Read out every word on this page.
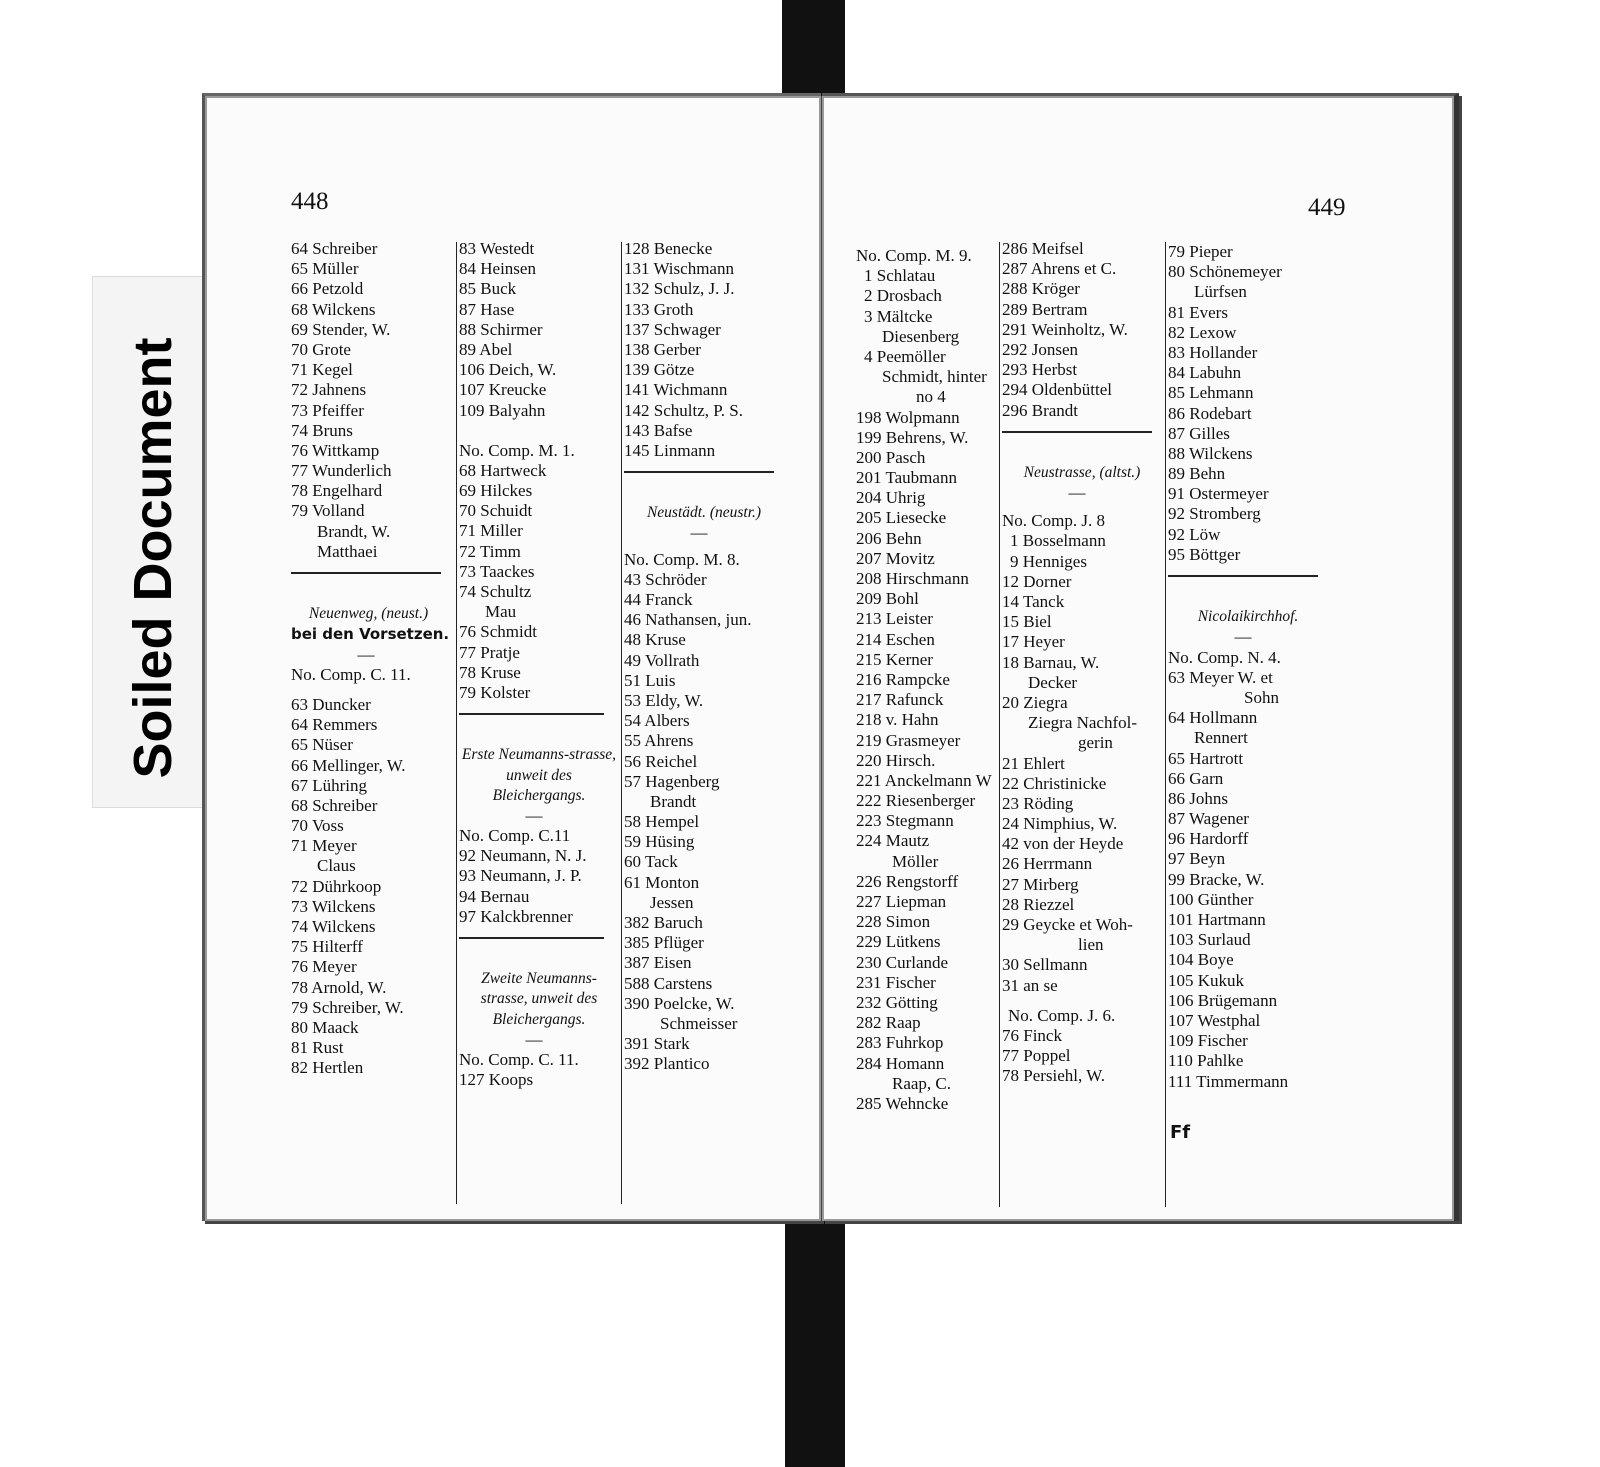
Soiled Document
448
64 Schreiber
65 Müller
66 Petzold
68 Wilckens
69 Stender, W.
70 Grote
71 Kegel
72 Jahnens
73 Pfeiffer
74 Bruns
76 Wittkamp
77 Wunderlich
78 Engelhard
79 Volland
Brandt, W.
Matthaei
Neuenweg, (neust.)
bei den Vorsetzen.
—
No. Comp. C. 11.
63 Duncker
64 Remmers
65 Nüser
66 Mellinger, W.
67 Lühring
68 Schreiber
70 Voss
71 Meyer
Claus
72 Dührkoop
73 Wilckens
74 Wilckens
75 Hilterff
76 Meyer
78 Arnold, W.
79 Schreiber, W.
80 Maack
81 Rust
82 Hertlen
83 Westedt
84 Heinsen
85 Buck
87 Hase
88 Schirmer
89 Abel
106 Deich, W.
107 Kreucke
109 Balyahn
No. Comp. M. 1.
68 Hartweck
69 Hilckes
70 Schuidt
71 Miller
72 Timm
73 Taackes
74 Schultz
Mau
76 Schmidt
77 Pratje
78 Kruse
79 Kolster
Erste Neumanns-strasse, unweit des Bleichergangs.
—
No. Comp. C.11
92 Neumann, N. J.
93 Neumann, J. P.
94 Bernau
97 Kalckbrenner
Zweite Neumanns-strasse, unweit des Bleichergangs.
—
No. Comp. C. 11.
127 Koops
128 Benecke
131 Wischmann
132 Schulz, J. J.
133 Groth
137 Schwager
138 Gerber
139 Götze
141 Wichmann
142 Schultz, P. S.
143 Bafse
145 Linmann
Neustädt. (neustr.)
—
No. Comp. M. 8.
43 Schröder
44 Franck
46 Nathansen, jun.
48 Kruse
49 Vollrath
51 Luis
53 Eldy, W.
54 Albers
55 Ahrens
56 Reichel
57 Hagenberg
Brandt
58 Hempel
59 Hüsing
60 Tack
61 Monton
Jessen
382 Baruch
385 Pflüger
387 Eisen
588 Carstens
390 Poelcke, W.
Schmeisser
391 Stark
392 Plantico
449
No. Comp. M. 9.
1 Schlatau
2 Drosbach
3 Mältcke
Diesenberg
4 Peemöller
Schmidt, hinter
no 4
198 Wolpmann
199 Behrens, W.
200 Pasch
201 Taubmann
204 Uhrig
205 Liesecke
206 Behn
207 Movitz
208 Hirschmann
209 Bohl
213 Leister
214 Eschen
215 Kerner
216 Rampcke
217 Rafunck
218 v. Hahn
219 Grasmeyer
220 Hirsch.
221 Anckelmann W
222 Riesenberger
223 Stegmann
224 Mautz
Möller
226 Rengstorff
227 Liepman
228 Simon
229 Lütkens
230 Curlande
231 Fischer
232 Götting
282 Raap
283 Fuhrkop
284 Homann
Raap, C.
285 Wehncke
286 Meifsel
287 Ahrens et C.
288 Kröger
289 Bertram
291 Weinholtz, W.
292 Jonsen
293 Herbst
294 Oldenbüttel
296 Brandt
Neustrasse, (altst.)
—
No. Comp. J. 8
1 Bosselmann
9 Henniges
12 Dorner
14 Tanck
15 Biel
17 Heyer
18 Barnau, W.
Decker
20 Ziegra
Ziegra Nachfol-
gerin
21 Ehlert
22 Christinicke
23 Röding
24 Nimphius, W.
42 von der Heyde
26 Herrmann
27 Mirberg
28 Riezzel
29 Geycke et Woh-
lien
30 Sellmann
31 an se
No. Comp. J. 6.
76 Finck
77 Poppel
78 Persiehl, W.
79 Pieper
80 Schönemeyer
Lürfsen
81 Evers
82 Lexow
83 Hollander
84 Labuhn
85 Lehmann
86 Rodebart
87 Gilles
88 Wilckens
89 Behn
91 Ostermeyer
92 Stromberg
92 Löw
95 Böttger
Nicolaikirchhof.
—
No. Comp. N. 4.
63 Meyer W. et
Sohn
64 Hollmann
Rennert
65 Hartrott
66 Garn
86 Johns
87 Wagener
96 Hardorff
97 Beyn
99 Bracke, W.
100 Günther
101 Hartmann
103 Surlaud
104 Boye
105 Kukuk
106 Brügemann
107 Westphal
109 Fischer
110 Pahlke
111 Timmermann
Ff
